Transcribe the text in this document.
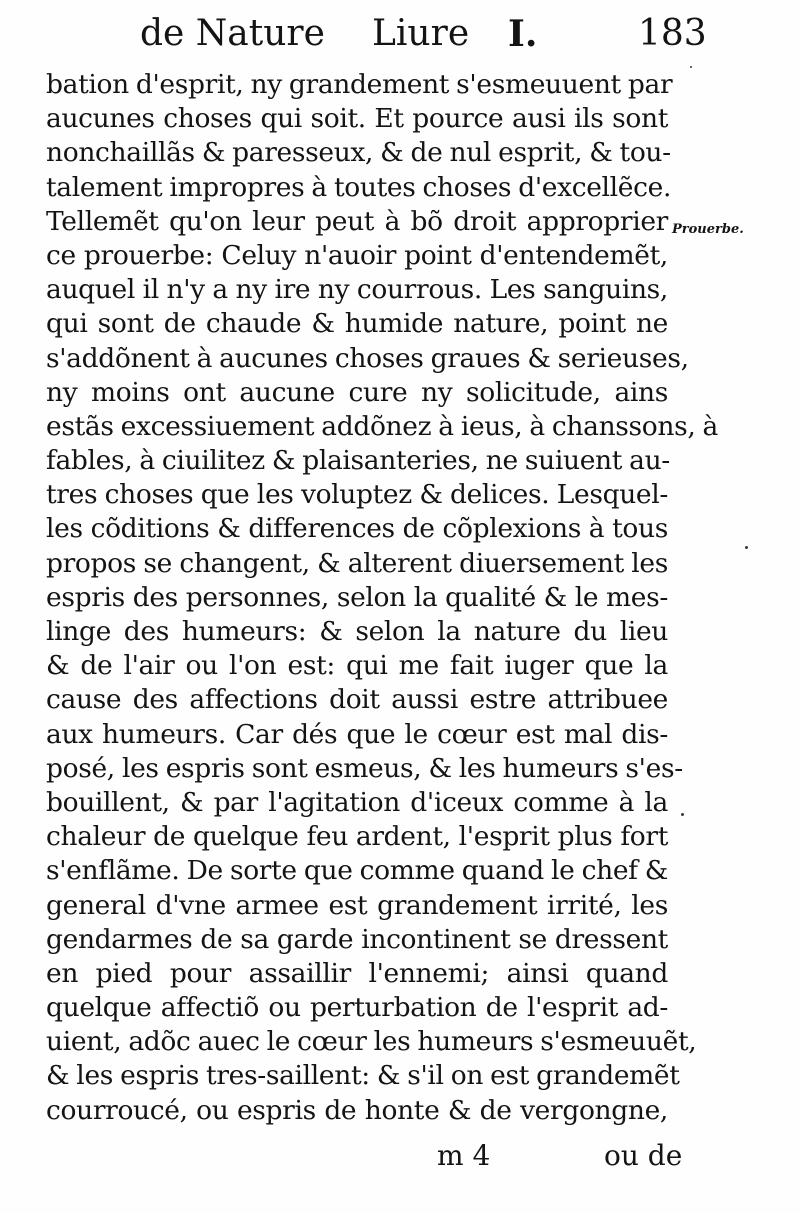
de Nature Liure I.	183
Prouerbe.
bation d'esprit, ny grandement s'esmeuuent par
aucunes choses qui soit. Et pource ausi ils sont
nonchaillãs & paresseux, & de nul esprit, & tou-
talement impropres à toutes choses d'excellẽce.
Tellemẽt qu'on leur peut à bõ droit approprier
ce prouerbe: Celuy n'auoir point d'entendemẽt,
auquel il n'y a ny ire ny courrous. Les sanguins,
qui sont de chaude & humide nature, point ne
s'addõnent à aucunes choses graues & serieuses,
ny moins ont aucune cure ny solicitude, ains
estãs excessiuement addõnez à ieus, à chanssons, à
fables, à ciuilitez & plaisanteries, ne suiuent au-
tres choses que les voluptez & delices. Lesquel-
les cõditions & differences de cõplexions à tous
propos se changent, & alterent diuersement les
espris des personnes, selon la qualité & le mes-
linge des humeurs: & selon la nature du lieu
& de l'air ou l'on est: qui me fait iuger que la
cause des affections doit aussi estre attribuee
aux humeurs. Car dés que le cœur est mal dis-
posé, les espris sont esmeus, & les humeurs s'es-
bouillent, & par l'agitation d'iceux comme à la
chaleur de quelque feu ardent, l'esprit plus fort
s'enflãme. De sorte que comme quand le chef &
general d'vne armee est grandement irrité, les
gendarmes de sa garde incontinent se dressent
en pied pour assaillir l'ennemi; ainsi quand
quelque affectiõ ou perturbation de l'esprit ad-
uient, adõc auec le cœur les humeurs s'esmeuuẽt,
& les espris tres-saillent: & s'il on est grandemẽt
courroucé, ou espris de honte & de vergongne,
m 4	ou de
